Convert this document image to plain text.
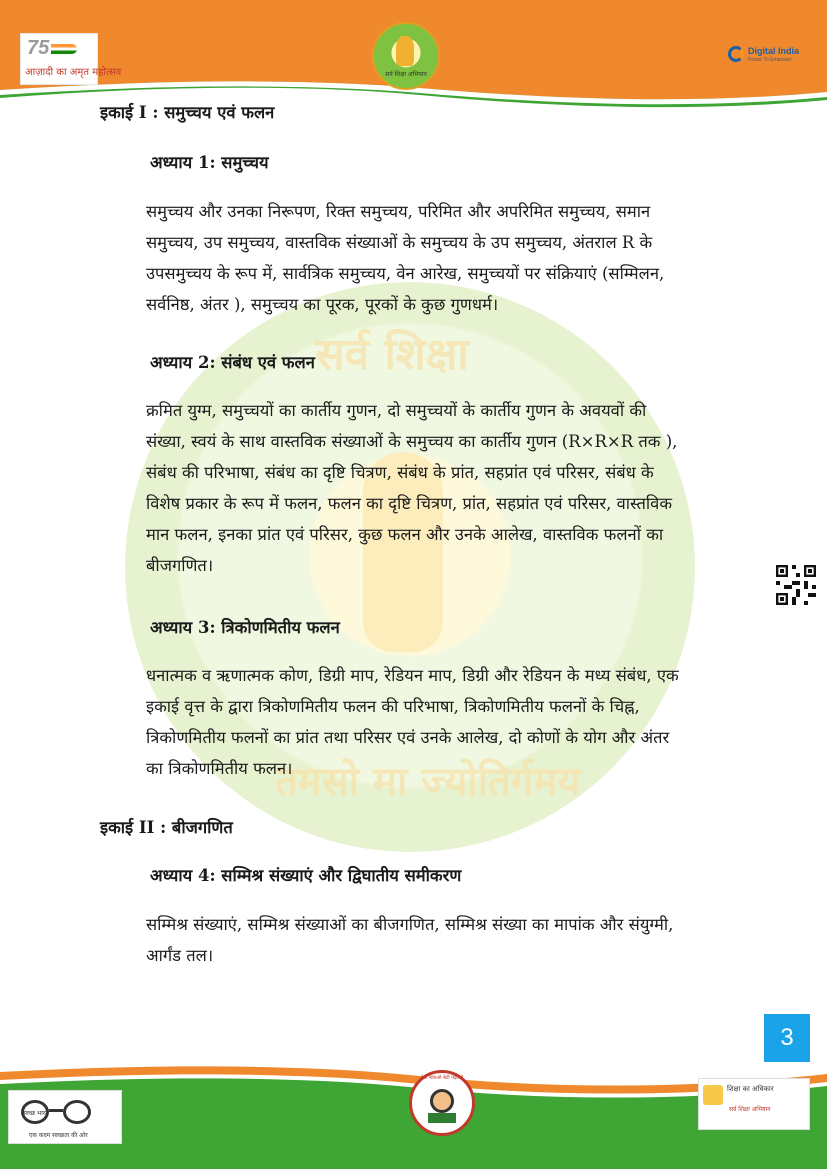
75
आज़ादी का अमृत महोत्सव	सर्व शिक्षा अभियान
Digital India
Power To Empower
सर्व शिक्षा
तमसो मा ज्योतिर्गमय
इकाई I : समुच्चय एवं फलन
अध्याय 1: समुच्चय
समुच्चय और उनका निरूपण, रिक्त समुच्चय, परिमित और अपरिमित समुच्चय, समान
समुच्चय, उप समुच्चय, वास्तविक संख्याओं के समुच्चय के उप समुच्चय, अंतराल R के
उपसमुच्चय के रूप में, सार्वत्रिक समुच्चय, वेन आरेख, समुच्चयों पर संक्रियाएं (सम्मिलन,
सर्वनिष्ठ, अंतर ), समुच्चय का पूरक, पूरकों के कुछ गुणधर्म।
अध्याय 2: संबंध एवं फलन
क्रमित युग्म, समुच्चयों का कार्तीय गुणन, दो समुच्चयों के कार्तीय गुणन के अवयवों की
संख्या, स्वयं के साथ वास्तविक संख्याओं के समुच्चय का कार्तीय गुणन (R×R×R तक ),
संबंध की परिभाषा, संबंध का दृष्टि चित्रण, संबंध के प्रांत, सहप्रांत एवं परिसर, संबंध के
विशेष प्रकार के रूप में फलन, फलन का दृष्टि चित्रण, प्रांत, सहप्रांत एवं परिसर, वास्तविक
मान फलन, इनका प्रांत एवं परिसर, कुछ फलन और उनके आलेख, वास्तविक फलनों का
बीजगणित।
अध्याय 3: त्रिकोणमितीय फलन
धनात्मक व ऋणात्मक कोण, डिग्री माप, रेडियन माप, डिग्री और रेडियन के मध्य संबंध, एक
इकाई वृत्त के द्वारा त्रिकोणमितीय फलन की परिभाषा, त्रिकोणमितीय फलनों के चिह्न,
त्रिकोणमितीय फलनों का प्रांत तथा परिसर एवं उनके आलेख, दो कोणों के योग और अंतर
का त्रिकोणमितीय फलन।
इकाई II : बीजगणित
अध्याय 4: सम्मिश्र संख्याएं और द्विघातीय समीकरण
सम्मिश्र संख्याएं, सम्मिश्र संख्याओं का बीजगणित, सम्मिश्र संख्या का मापांक और संयुग्मी,
आर्गंड तल।
3
स्वच्छ भारत
एक कदम स्वच्छता की ओर
बेटी बचाओ बेटी पढ़ाओ
शिक्षा का अधिकार
सर्व शिक्षा अभियान
